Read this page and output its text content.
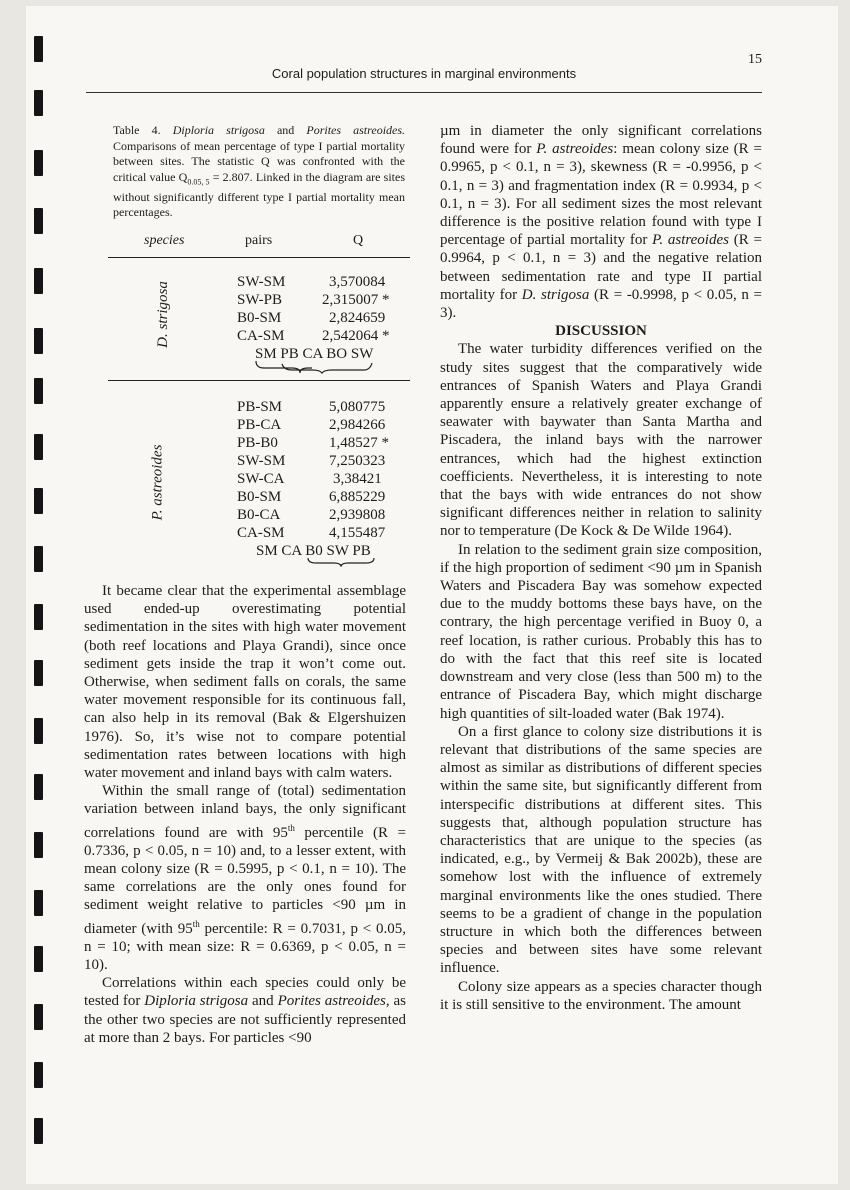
15
Coral population structures in marginal environments
Table 4. Diploria strigosa and Porites astreoides. Comparisons of mean percentage of type I partial mortality between sites. The statistic Q was confronted with the critical value $Q_{0.05, 5} = 2.807$. Linked in the diagram are sites without significantly different type I partial mortality mean percentages.
species	pairs	Q
D. strigosa	SW-SM	3,570084
SW-PB	2,315007 *
B0-SM	2,824659
CA-SM 2,542064 *
SM PB CA BO SW
P. astreoides
PB-SM	5,080775
PB-CA	2,984266
PB-B0	1,48527 *
SW-SM	7,250323
SW-CA	3,38421
B0-SM	6,885229
B0-CA	2,939808
CA-SM	4,155487
SM CA B0 SW PB

It became clear that the experimental assemblage used ended-up overestimating potential sedimentation in the sites with high water movement (both reef locations and Playa Grandi), since once sediment gets inside the trap it won’t come out. Otherwise, when sediment falls on corals, the same water movement responsible for its continuous fall, can also help in its removal (Bak & Elgershuizen 1976). So, it’s wise not to compare potential sedimentation rates between locations with high water movement and inland bays with calm waters.

Within the small range of (total) sedimentation variation between inland bays, the only significant correlations found are with 95th percentile (R = 0.7336, p < 0.05, n = 10) and, to a lesser extent, with mean colony size (R = 0.5995, p < 0.1, n = 10). The same correlations are the only ones found for sediment weight relative to particles <90 µm in diameter (with 95th percentile: R = 0.7031, p < 0.05, n = 10; with mean size: R = 0.6369, p < 0.05, n = 10).

Correlations within each species could only be tested for Diploria strigosa and Porites astreoides, as the other two species are not sufficiently represented at more than 2 bays. For particles <90

µm in diameter the only significant correlations found were for P. astreoides: mean colony size (R = 0.9965, p < 0.1, n = 3), skewness (R = -0.9956, p < 0.1, n = 3) and fragmentation index (R = 0.9934, p < 0.1, n = 3). For all sediment sizes the most relevant difference is the positive relation found with type I percentage of partial mortality for P. astreoides (R = 0.9964, p < 0.1, n = 3) and the negative relation between sedimentation rate and type II partial mortality for D. strigosa (R = -0.9998, p < 0.05, n = 3).

DISCUSSION

The water turbidity differences verified on the study sites suggest that the comparatively wide entrances of Spanish Waters and Playa Grandi apparently ensure a relatively greater exchange of seawater with baywater than Santa Martha and Piscadera, the inland bays with the narrower entrances, which had the highest extinction coefficients. Nevertheless, it is interesting to note that the bays with wide entrances do not show significant differences neither in relation to salinity nor to temperature (De Kock & De Wilde 1964).

In relation to the sediment grain size composition, if the high proportion of sediment <90 µm in Spanish Waters and Piscadera Bay was somehow expected due to the muddy bottoms these bays have, on the contrary, the high percentage verified in Buoy 0, a reef location, is rather curious. Probably this has to do with the fact that this reef site is located downstream and very close (less than 500 m) to the entrance of Piscadera Bay, which might discharge high quantities of silt-loaded water (Bak 1974).

On a first glance to colony size distributions it is relevant that distributions of the same species are almost as similar as distributions of different species within the same site, but significantly different from interspecific distributions at different sites. This suggests that, although population structure has characteristics that are unique to the species (as indicated, e.g., by Vermeij & Bak 2002b), these are somehow lost with the influence of extremely marginal environments like the ones studied. There seems to be a gradient of change in the population structure in which both the differences between species and between sites have some relevant influence.

Colony size appears as a species character though it is still sensitive to the environment. The amount
